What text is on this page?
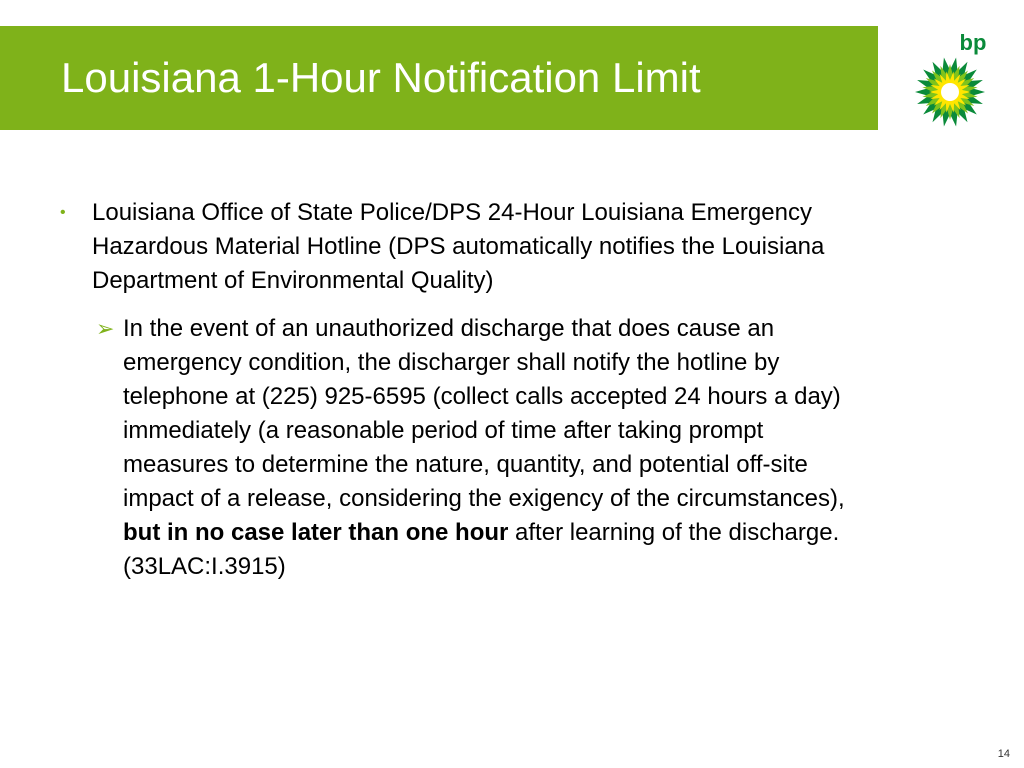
Louisiana 1-Hour Notification Limit
bp
• Louisiana Office of State Police/DPS 24-Hour Louisiana Emergency Hazardous Material Hotline (DPS automatically notifies the Louisiana Department of Environmental Quality)
➢ In the event of an unauthorized discharge that does cause an emergency condition, the discharger shall notify the hotline by telephone at (225) 925-6595 (collect calls accepted 24 hours a day) immediately (a reasonable period of time after taking prompt measures to determine the nature, quantity, and potential off-site impact of a release, considering the exigency of the circumstances), but in no case later than one hour after learning of the discharge. (33LAC:I.3915)
14
